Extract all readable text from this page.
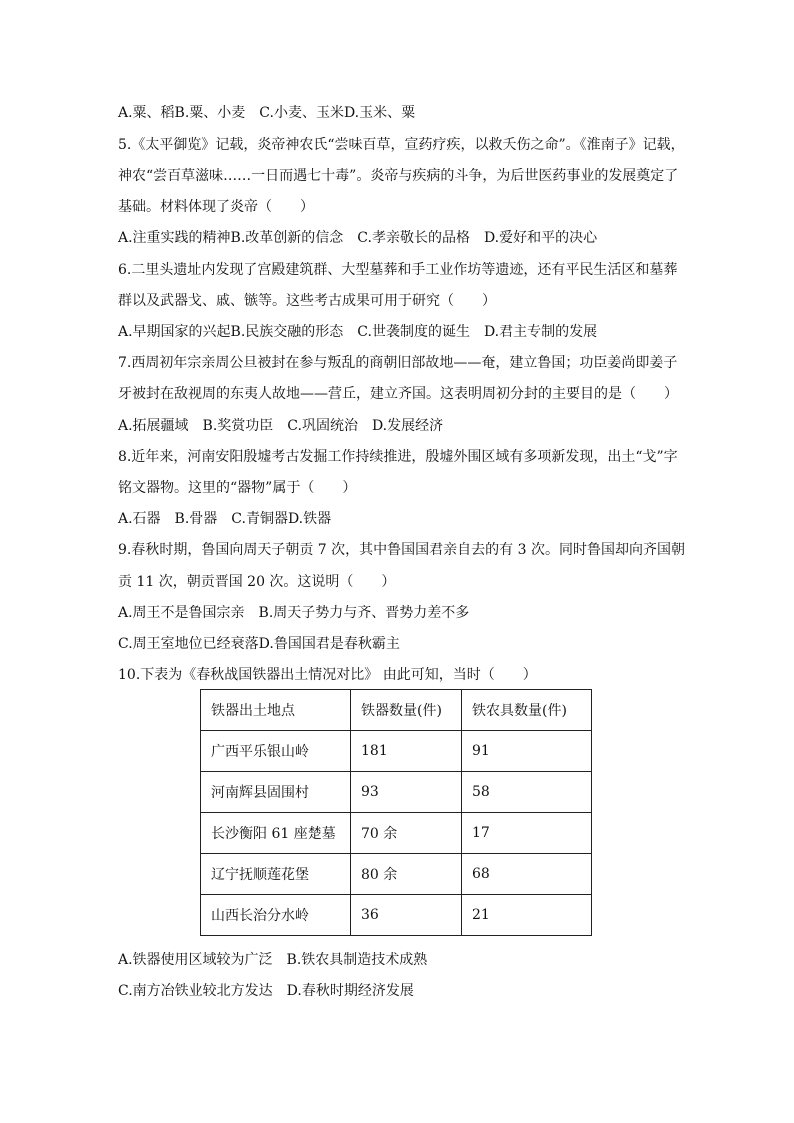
A.粟、稻B.粟、小麦　C.小麦、玉米D.玉米、粟
5.《太平御览》记载，炎帝神农氏“尝味百草，宣药疗疾，以救夭伤之命”。《淮南子》记载，
神农“尝百草滋味……一日而遇七十毒”。炎帝与疾病的斗争，为后世医药事业的发展奠定了
基础。材料体现了炎帝（　　）
A.注重实践的精神B.改革创新的信念　C.孝亲敬长的品格　D.爱好和平的决心
6.二里头遗址内发现了宫殿建筑群、大型墓葬和手工业作坊等遗迹，还有平民生活区和墓葬
群以及武器戈、戚、镞等。这些考古成果可用于研究（　　）
A.早期国家的兴起B.民族交融的形态　C.世袭制度的诞生　D.君主专制的发展
7.西周初年宗亲周公旦被封在参与叛乱的商朝旧部故地——奄，建立鲁国；功臣姜尚即姜子
牙被封在敌视周的东夷人故地——营丘，建立齐国。这表明周初分封的主要目的是（　　）
A.拓展疆域　B.奖赏功臣　C.巩固统治　D.发展经济
8.近年来，河南安阳殷墟考古发掘工作持续推进，殷墟外围区域有多项新发现，出土“戈”字
铭文器物。这里的“器物”属于（　　）
A.石器　B.骨器　C.青铜器D.铁器
9.春秋时期，鲁国向周天子朝贡 7 次，其中鲁国国君亲自去的有 3 次。同时鲁国却向齐国朝
贡 11 次，朝贡晋国 20 次。这说明（　　）
A.周王不是鲁国宗亲　B.周天子势力与齐、晋势力差不多
C.周王室地位已经衰落D.鲁国国君是春秋霸主
10.下表为《春秋战国铁器出土情况对比》 由此可知，当时（　　）
铁器出土地点	铁器数量(件)	铁农具数量(件)
广西平乐银山岭	181	91
河南辉县固围村	93	58
长沙衡阳 61 座楚墓	70 余	17
辽宁抚顺莲花堡	80 余	68
山西长治分水岭	36	21
A.铁器使用区域较为广泛　B.铁农具制造技术成熟
C.南方冶铁业较北方发达　D.春秋时期经济发展
